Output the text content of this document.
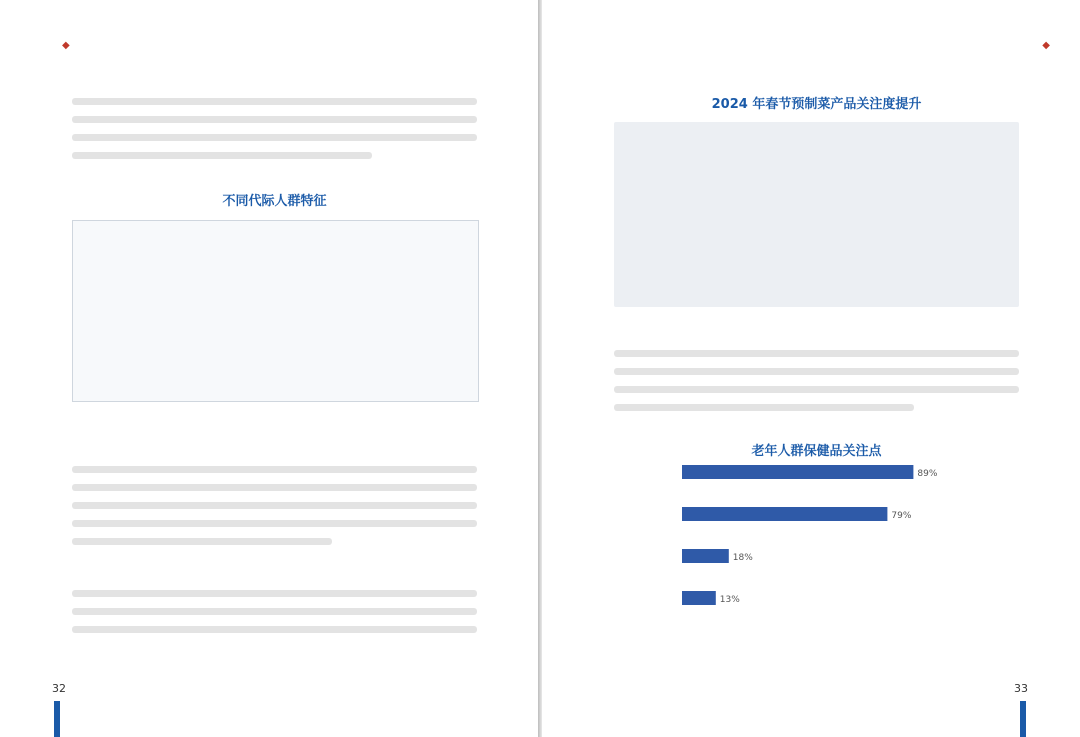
◆
不同代际人群特征
32
◆
2024 年春节预制菜产品关注度提升
老年人群保健品关注点
89%
79%
18%
13%
33
